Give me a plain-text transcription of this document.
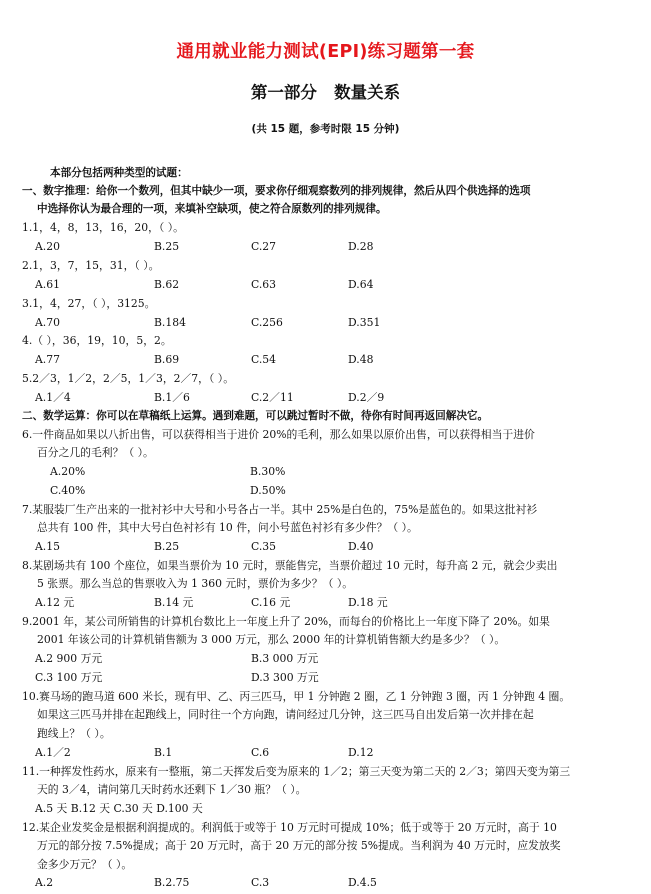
通用就业能力测试(EPI)练习题第一套
第一部分   数量关系
(共 15 题，参考时限 15 分钟)
本部分包括两种类型的试题：
一、数字推理：给你一个数列，但其中缺少一项，要求你仔细观察数列的排列规律，然后从四个供选择的选项
中选择你认为最合理的一项，来填补空缺项，使之符合原数列的排列规律。
1.1，4，8，13，16，20，（ ）。
A.20	B.25	C.27	D.28
2.1，3，7，15，31，（ ）。
A.61	B.62	C.63	D.64
3.1，4，27，（ ），3125。
A.70	B.184	C.256	D.351
4.（ ），36，19，10，5，2。
A.77	B.69	C.54	D.48
5.2／3，1／2，2／5，1／3，2／7，（ ）。
A.1／4	B.1／6	C.2／11	D.2／9
二、数学运算：你可以在草稿纸上运算。遇到难题，可以跳过暂时不做，待你有时间再返回解决它。
6.一件商品如果以八折出售，可以获得相当于进价 20%的毛利，那么如果以原价出售，可以获得相当于进价
百分之几的毛利？（ ）。
A.20%	B.30%
C.40%	D.50%
7.某服装厂生产出来的一批衬衫中大号和小号各占一半。其中 25%是白色的，75%是蓝色的。如果这批衬衫
总共有 100 件，其中大号白色衬衫有 10 件，问小号蓝色衬衫有多少件？（ ）。
A.15	B.25	C.35	D.40
8.某剧场共有 100 个座位，如果当票价为 10 元时，票能售完，当票价超过 10 元时，每升高 2 元，就会少卖出
5 张票。那么当总的售票收入为 1 360 元时，票价为多少？（ ）。
A.12 元	B.14 元	C.16 元	D.18 元
9.2001 年，某公司所销售的计算机台数比上一年度上升了 20%，而每台的价格比上一年度下降了 20%。如果
2001 年该公司的计算机销售额为 3 000 万元，那么 2000 年的计算机销售额大约是多少？（ ）。
A.2 900 万元	B.3 000 万元
C.3 100 万元	D.3 300 万元
10.赛马场的跑马道 600 米长，现有甲、乙、丙三匹马，甲 1 分钟跑 2 圈，乙 1 分钟跑 3 圈，丙 1 分钟跑 4 圈。
如果这三匹马并排在起跑线上，同时往一个方向跑，请问经过几分钟，这三匹马自出发后第一次并排在起
跑线上？（ ）。
A.1／2	B.1	C.6	D.12
11.一种挥发性药水，原来有一整瓶，第二天挥发后变为原来的 1／2；第三天变为第二天的 2／3；第四天变为第三
天的 3／4，请问第几天时药水还剩下 1／30 瓶？（ ）。
A.5 天 B.12 天 C.30 天 D.100 天
12.某企业发奖金是根据利润提成的。利润低于或等于 10 万元时可提成 10%；低于或等于 20 万元时，高于 10
万元的部分按 7.5%提成；高于 20 万元时，高于 20 万元的部分按 5%提成。当利润为 40 万元时，应发放奖
金多少万元？（ ）。
A.2	B.2.75	C.3	D.4.5
